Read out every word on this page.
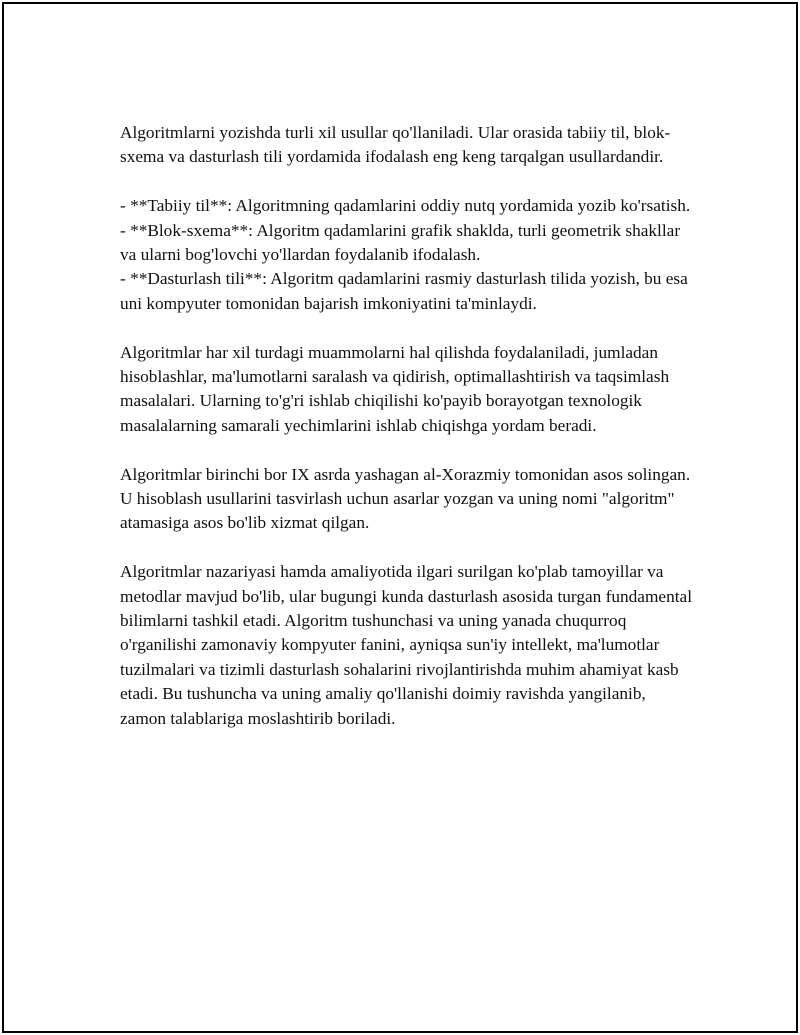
Algoritmlarni yozishda turli xil usullar qo'llaniladi. Ular orasida tabiiy til, blok-sxema va dasturlash tili yordamida ifodalash eng keng tarqalgan usullardandir.

- **Tabiiy til**: Algoritmning qadamlarini oddiy nutq yordamida yozib ko'rsatish.
- **Blok-sxema**: Algoritm qadamlarini grafik shaklda, turli geometrik shakllar va ularni bog'lovchi yo'llardan foydalanib ifodalash.
- **Dasturlash tili**: Algoritm qadamlarini rasmiy dasturlash tilida yozish, bu esa uni kompyuter tomonidan bajarish imkoniyatini ta'minlaydi.

Algoritmlar har xil turdagi muammolarni hal qilishda foydalaniladi, jumladan hisoblashlar, ma'lumotlarni saralash va qidirish, optimallashtirish va taqsimlash masalalari. Ularning to'g'ri ishlab chiqilishi ko'payib borayotgan texnologik masalalarning samarali yechimlarini ishlab chiqishga yordam beradi.

Algoritmlar birinchi bor IX asrda yashagan al-Xorazmiy tomonidan asos solingan. U hisoblash usullarini tasvirlash uchun asarlar yozgan va uning nomi "algoritm" atamasiga asos bo'lib xizmat qilgan.

Algoritmlar nazariyasi hamda amaliyotida ilgari surilgan ko'plab tamoyillar va metodlar mavjud bo'lib, ular bugungi kunda dasturlash asosida turgan fundamental bilimlarni tashkil etadi. Algoritm tushunchasi va uning yanada chuqurroq o'rganilishi zamonaviy kompyuter fanini, ayniqsa sun'iy intellekt, ma'lumotlar tuzilmalari va tizimli dasturlash sohalarini rivojlantirishda muhim ahamiyat kasb etadi. Bu tushuncha va uning amaliy qo'llanishi doimiy ravishda yangilanib, zamon talablariga moslashtirib boriladi.
